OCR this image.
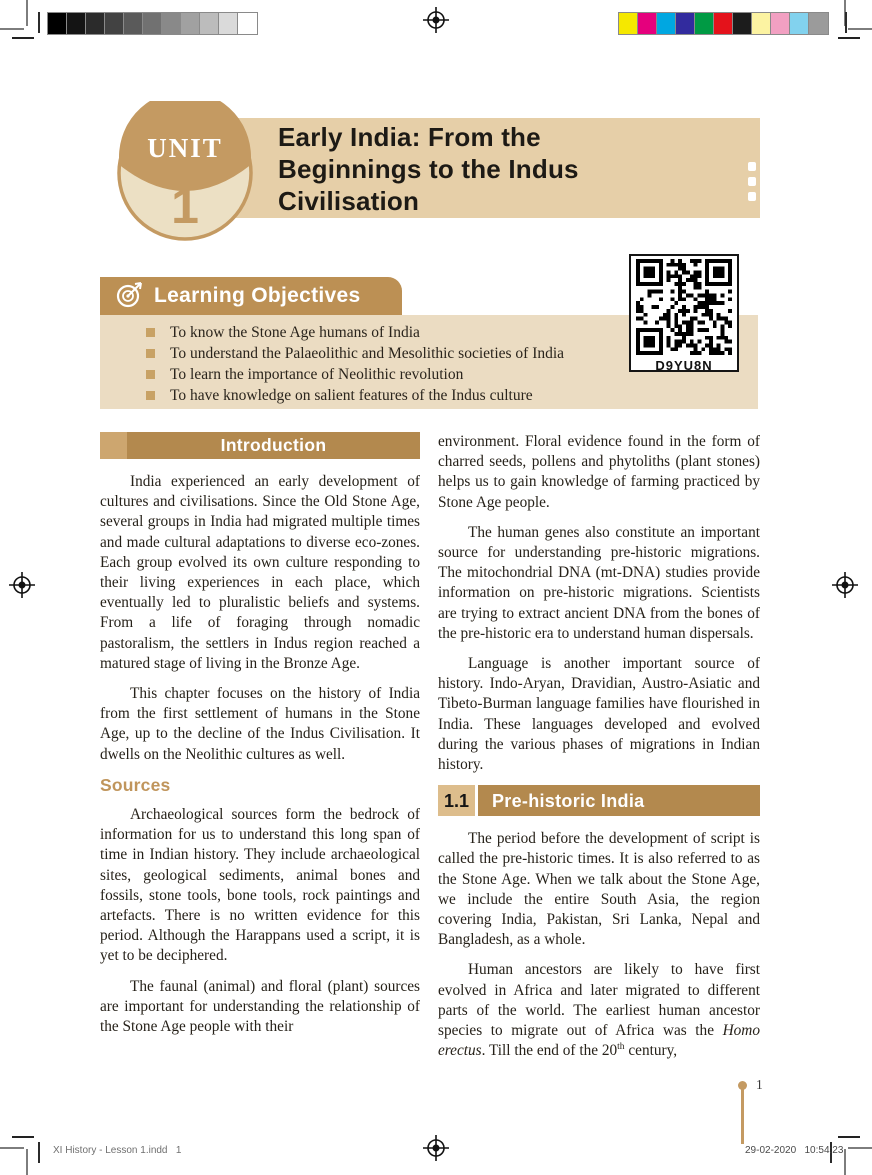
Early India: From the Beginnings to the Indus Civilisation
UNIT
1
Learning Objectives
To know the Stone Age humans of India
To understand the Palaeolithic and Mesolithic societies of India
To learn the importance of Neolithic revolution
To have knowledge on salient features of the Indus culture
D9YU8N
Introduction

India experienced an early development of cultures and civilisations. Since the Old Stone Age, several groups in India had migrated multiple times and made cultural adaptations to diverse eco-zones. Each group evolved its own culture responding to their living experiences in each place, which eventually led to pluralistic beliefs and systems. From a life of foraging through nomadic pastoralism, the settlers in Indus region reached a matured stage of living in the Bronze Age.

This chapter focuses on the history of India from the first settlement of humans in the Stone Age, up to the decline of the Indus Civilisation. It dwells on the Neolithic cultures as well.

Sources

Archaeological sources form the bedrock of information for us to understand this long span of time in Indian history. They include archaeological sites, geological sediments, animal bones and fossils, stone tools, bone tools, rock paintings and artefacts. There is no written evidence for this period. Although the Harappans used a script, it is yet to be deciphered.

The faunal (animal) and floral (plant) sources are important for understanding the relationship of the Stone Age people with their

environment. Floral evidence found in the form of charred seeds, pollens and phytoliths (plant stones) helps us to gain knowledge of farming practiced by Stone Age people.

The human genes also constitute an important source for understanding pre-historic migrations. The mitochondrial DNA (mt-DNA) studies provide information on pre-historic migrations. Scientists are trying to extract ancient DNA from the bones of the pre-historic era to understand human dispersals.

Language is another important source of history. Indo-Aryan, Dravidian, Austro-Asiatic and Tibeto-Burman language families have flourished in India. These languages developed and evolved during the various phases of migrations in Indian history.

1.1	Pre-historic India

The period before the development of script is called the pre-historic times. It is also referred to as the Stone Age. When we talk about the Stone Age, we include the entire South Asia, the region covering India, Pakistan, Sri Lanka, Nepal and Bangladesh, as a whole.

Human ancestors are likely to have first evolved in Africa and later migrated to different parts of the world. The earliest human ancestor species to migrate out of Africa was the Homo erectus. Till the end of the 20th century,

1
XI History - Lesson 1.indd   1	29-02-2020   10:54:23
